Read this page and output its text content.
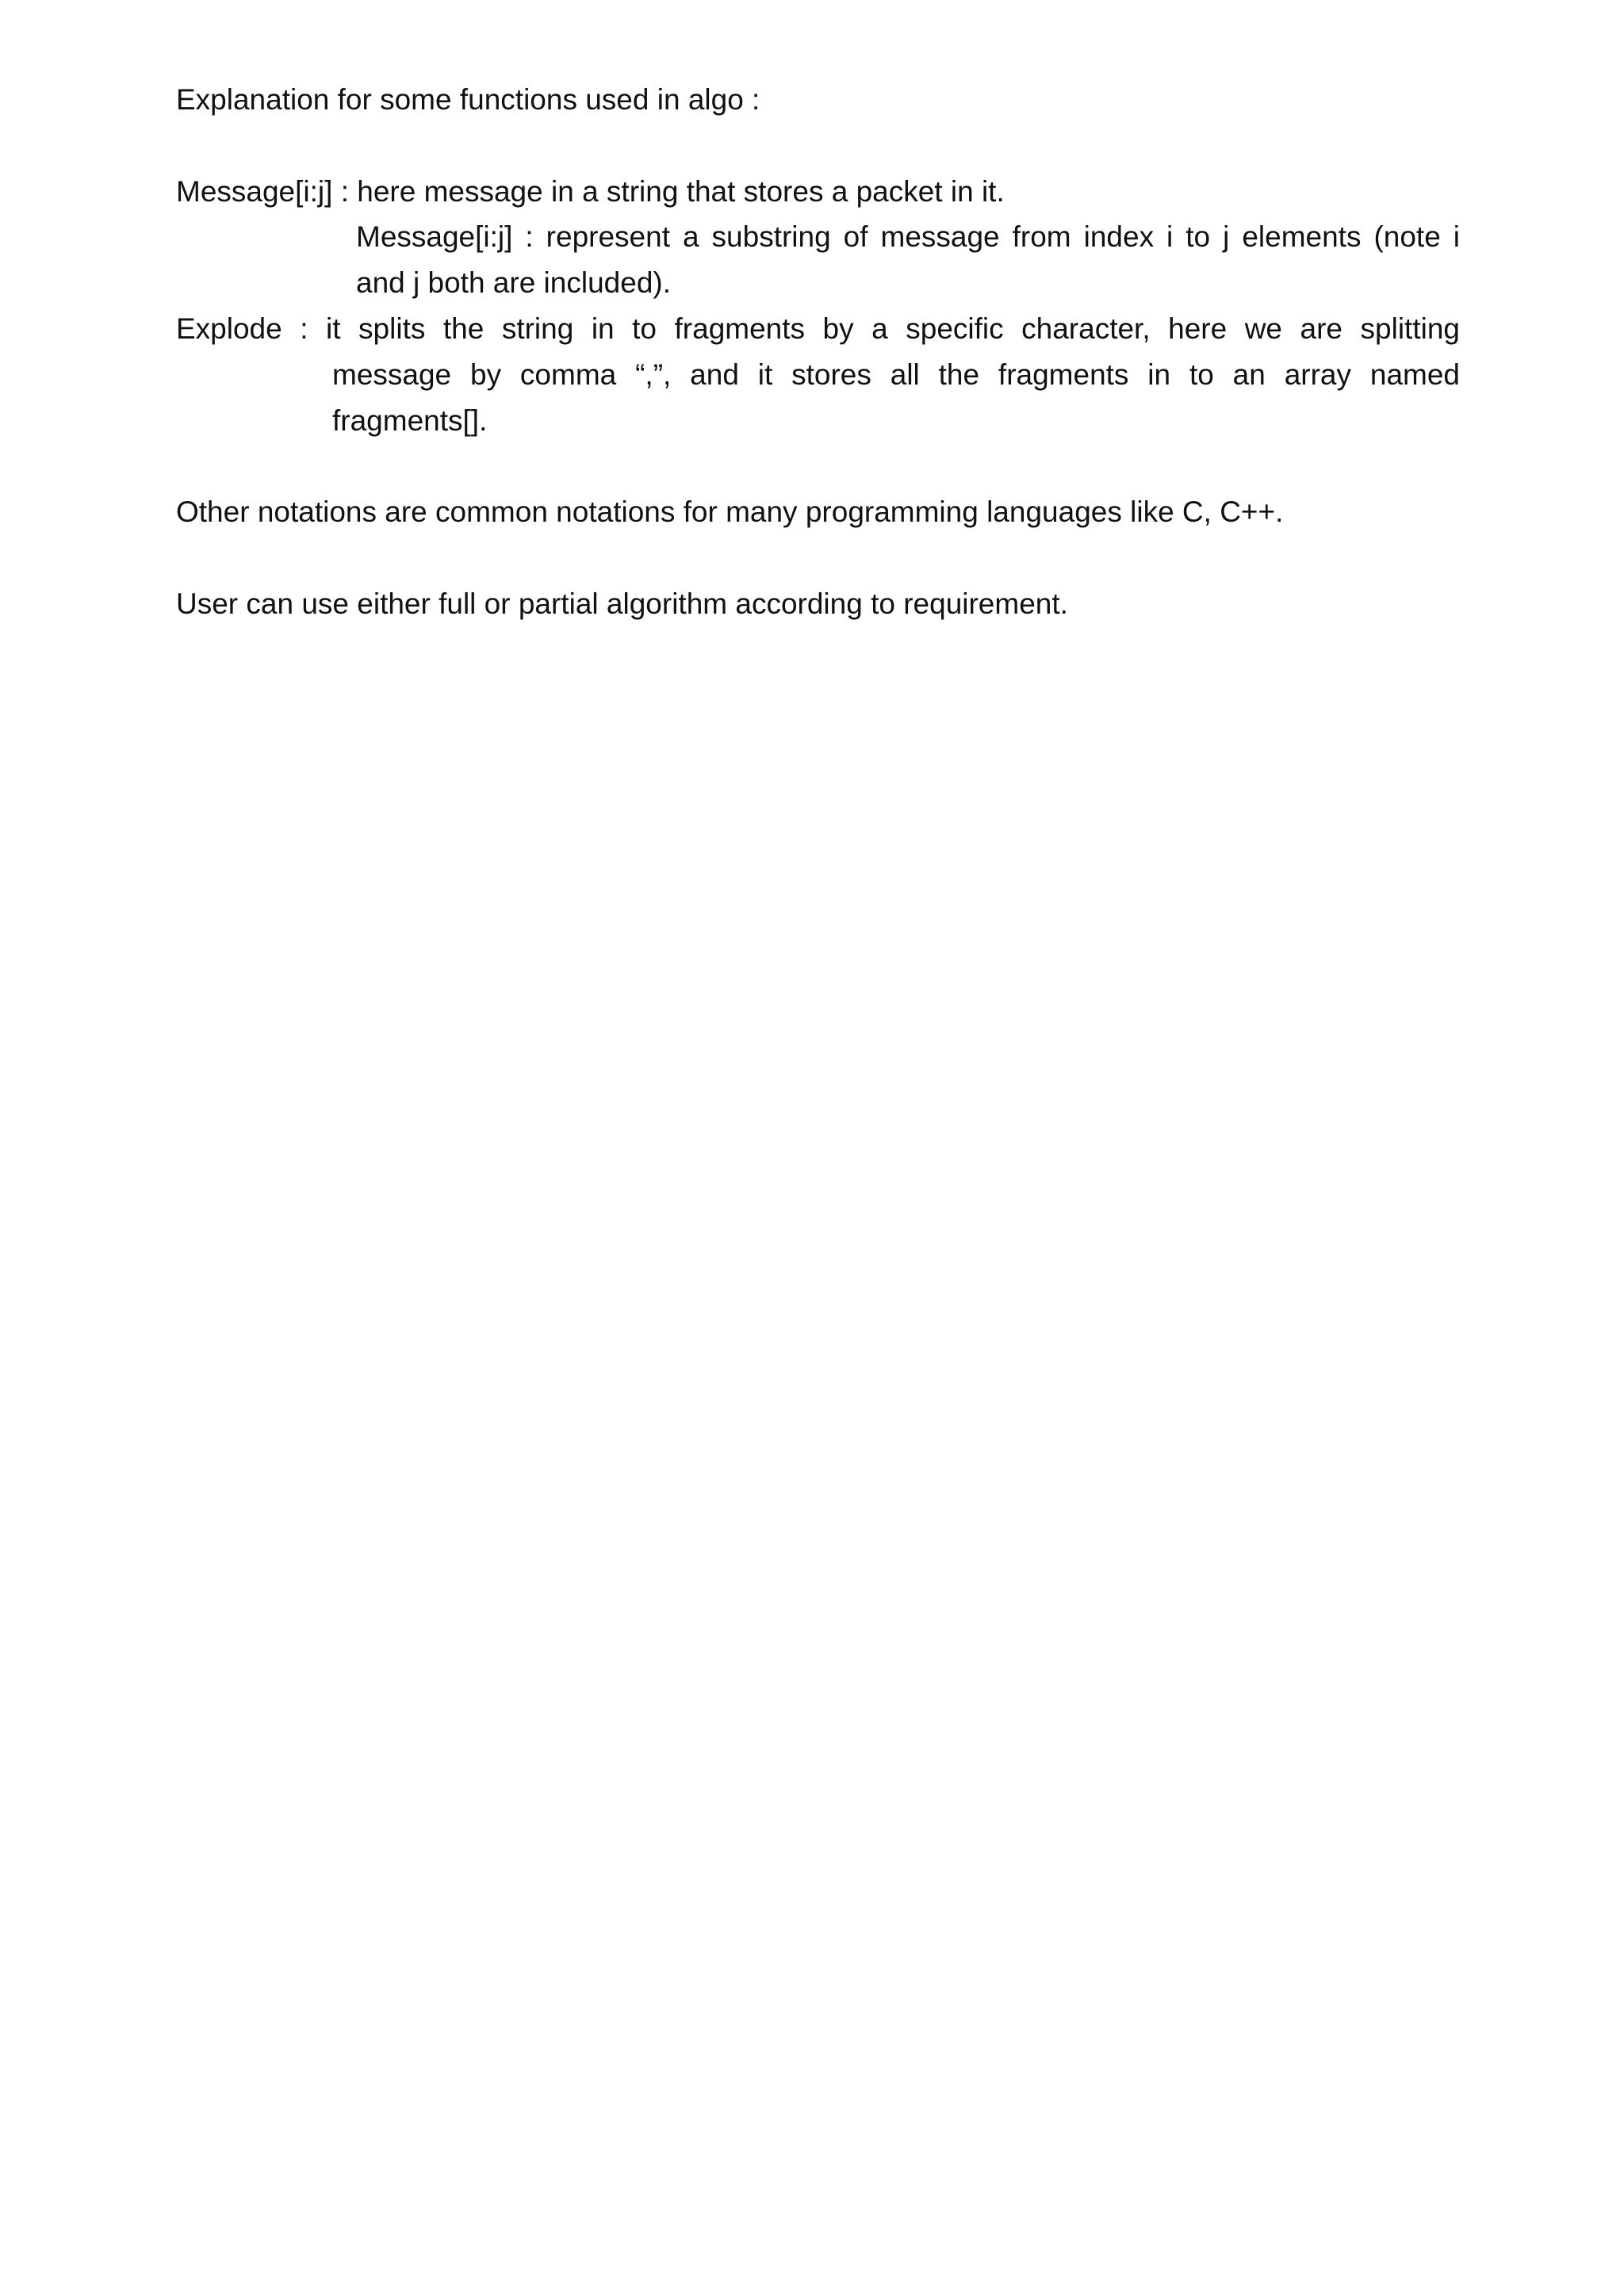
Explanation for some functions used in algo :
Message[i:j] : here message in a string that stores a packet in it.
Message[i:j] : represent a substring of message from index i to j elements (note i
and j both are included).
Explode : it splits the string in to fragments by a specific character, here we are splitting
message by comma “,”, and it stores all the fragments in to an array named
fragments[].
Other notations are common notations for many programming languages like C, C++.
User can use either full or partial algorithm according to requirement.
